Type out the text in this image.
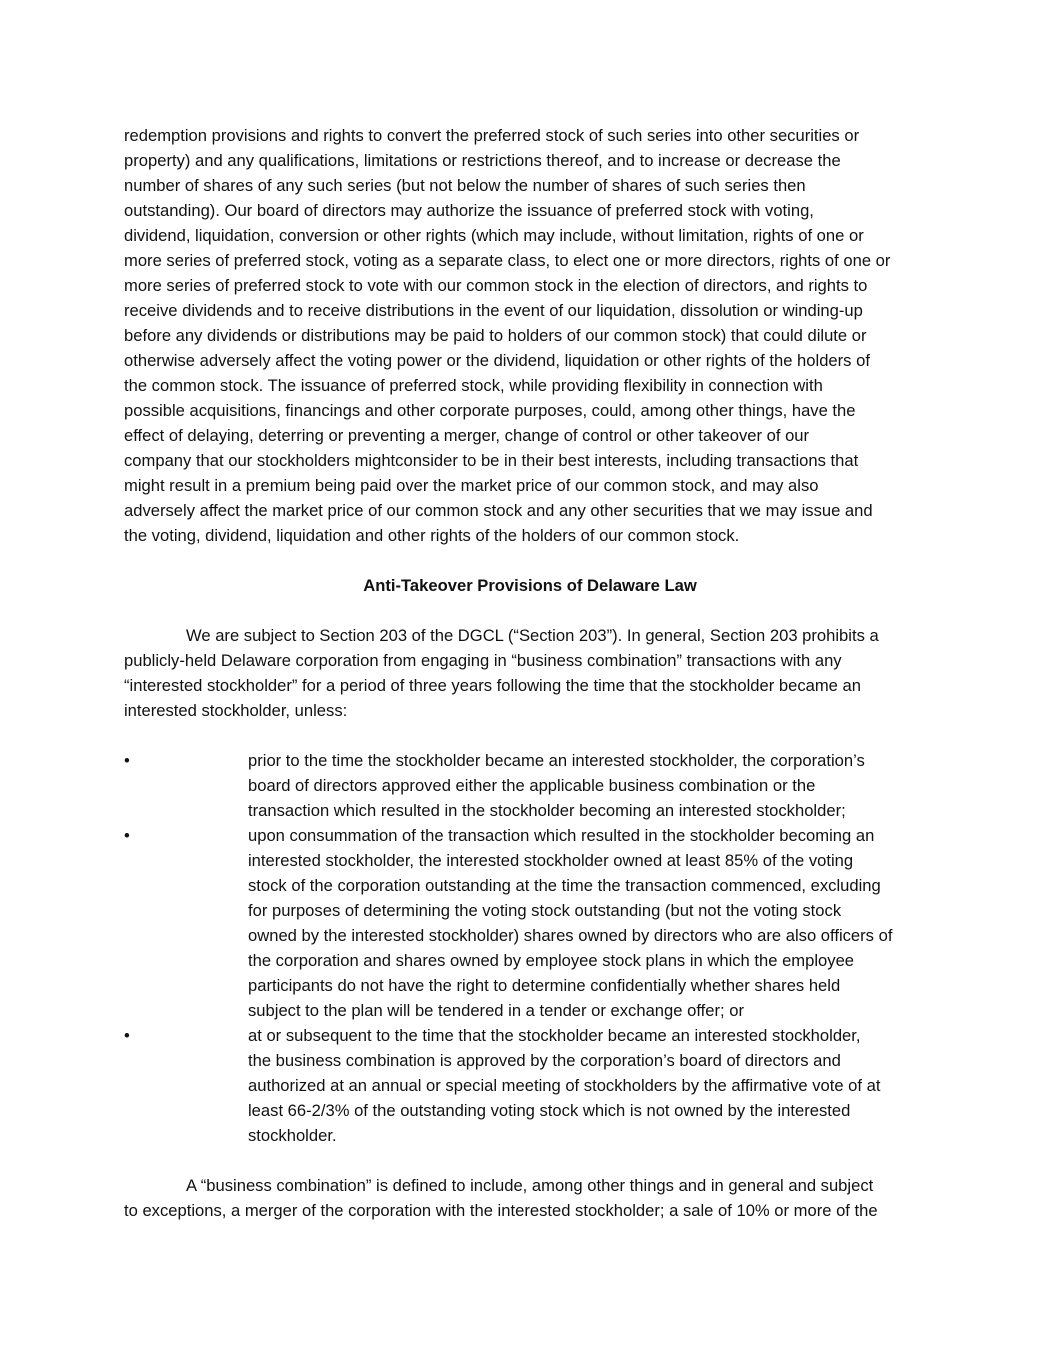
redemption provisions and rights to convert the preferred stock of such series into other securities or
property) and any qualifications, limitations or restrictions thereof, and to increase or decrease the
number of shares of any such series (but not below the number of shares of such series then
outstanding). Our board of directors may authorize the issuance of preferred stock with voting,
dividend, liquidation, conversion or other rights (which may include, without limitation, rights of one or
more series of preferred stock, voting as a separate class, to elect one or more directors, rights of one or
more series of preferred stock to vote with our common stock in the election of directors, and rights to
receive dividends and to receive distributions in the event of our liquidation, dissolution or winding-up
before any dividends or distributions may be paid to holders of our common stock) that could dilute or
otherwise adversely affect the voting power or the dividend, liquidation or other rights of the holders of
the common stock. The issuance of preferred stock, while providing flexibility in connection with
possible acquisitions, financings and other corporate purposes, could, among other things, have the
effect of delaying, deterring or preventing a merger, change of control or other takeover of our
company that our stockholders mightconsider to be in their best interests, including transactions that
might result in a premium being paid over the market price of our common stock, and may also
adversely affect the market price of our common stock and any other securities that we may issue and
the voting, dividend, liquidation and other rights of the holders of our common stock.
Anti-Takeover Provisions of Delaware Law
We are subject to Section 203 of the DGCL (“Section 203”). In general, Section 203 prohibits a
publicly-held Delaware corporation from engaging in “business combination” transactions with any
“interested stockholder” for a period of three years following the time that the stockholder became an
interested stockholder, unless:
•	prior to the time the stockholder became an interested stockholder, the corporation’s
board of directors approved either the applicable business combination or the
transaction which resulted in the stockholder becoming an interested stockholder;
•	upon consummation of the transaction which resulted in the stockholder becoming an
interested stockholder, the interested stockholder owned at least 85% of the voting
stock of the corporation outstanding at the time the transaction commenced, excluding
for purposes of determining the voting stock outstanding (but not the voting stock
owned by the interested stockholder) shares owned by directors who are also officers of
the corporation and shares owned by employee stock plans in which the employee
participants do not have the right to determine confidentially whether shares held
subject to the plan will be tendered in a tender or exchange offer; or
•	at or subsequent to the time that the stockholder became an interested stockholder,
the business combination is approved by the corporation’s board of directors and
authorized at an annual or special meeting of stockholders by the affirmative vote of at
least 66-2/3% of the outstanding voting stock which is not owned by the interested
stockholder.
A “business combination” is defined to include, among other things and in general and subject
to exceptions, a merger of the corporation with the interested stockholder; a sale of 10% or more of the
